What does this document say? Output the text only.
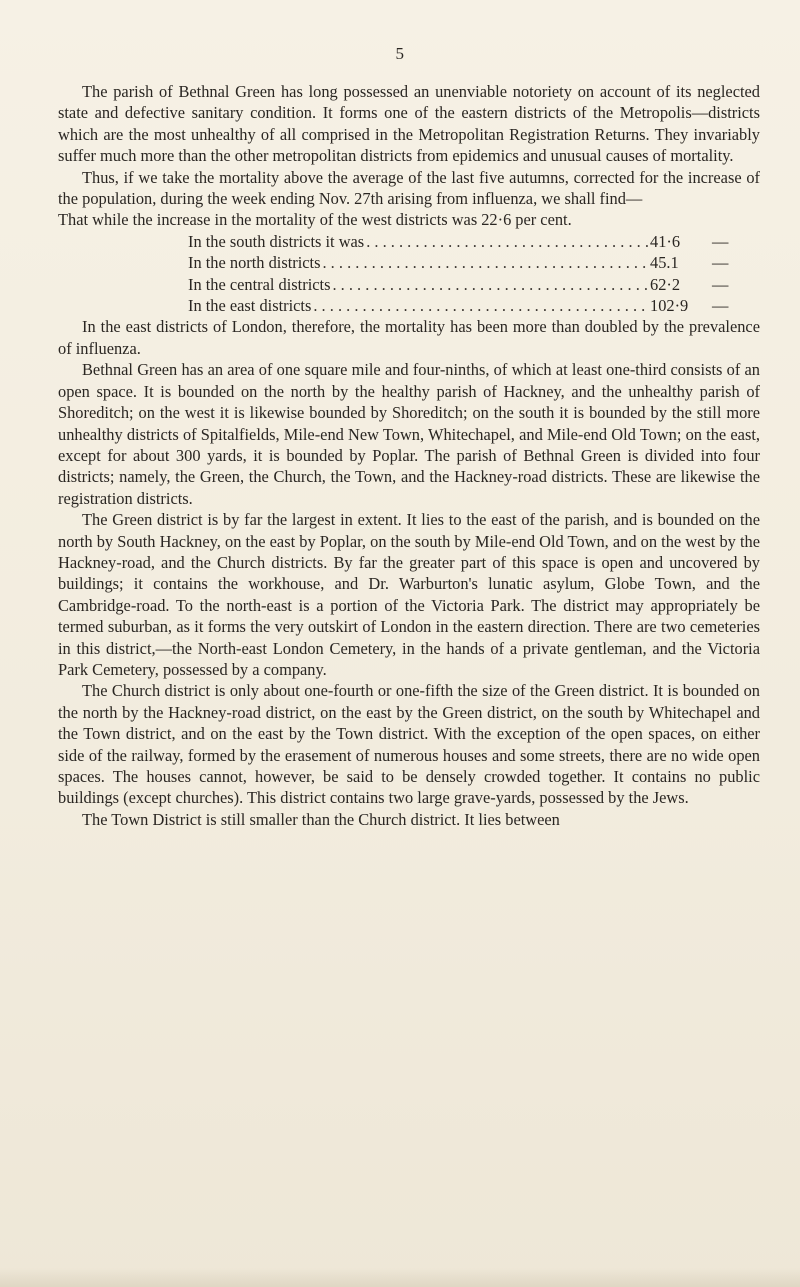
5

The parish of Bethnal Green has long possessed an unenviable notoriety on account of its neglected state and defective sanitary condition. It forms one of the eastern districts of the Metropolis—districts which are the most unhealthy of all comprised in the Metropolitan Registration Returns. They invariably suffer much more than the other metropolitan districts from epidemics and unusual causes of mortality.

Thus, if we take the mortality above the average of the last five autumns, corrected for the increase of the population, during the week ending Nov. 27th arising from influenza, we shall find—

That while the increase in the mortality of the west districts was 22·6 per cent.
In the south districts it was . . .	41·6	—
In the north districts . . .	45.1	—
In the central districts . . .	62·2	—
In the east districts . . .	102·9	—

In the east districts of London, therefore, the mortality has been more than doubled by the prevalence of influenza.

Bethnal Green has an area of one square mile and four-ninths, of which at least one-third consists of an open space. It is bounded on the north by the healthy parish of Hackney, and the unhealthy parish of Shoreditch; on the west it is likewise bounded by Shoreditch; on the south it is bounded by the still more unhealthy districts of Spitalfields, Mile-end New Town, Whitechapel, and Mile-end Old Town; on the east, except for about 300 yards, it is bounded by Poplar. The parish of Bethnal Green is divided into four districts; namely, the Green, the Church, the Town, and the Hackney-road districts. These are likewise the registration districts.

The Green district is by far the largest in extent. It lies to the east of the parish, and is bounded on the north by South Hackney, on the east by Poplar, on the south by Mile-end Old Town, and on the west by the Hackney-road, and the Church districts. By far the greater part of this space is open and uncovered by buildings; it contains the workhouse, and Dr. Warburton's lunatic asylum, Globe Town, and the Cambridge-road. To the north-east is a portion of the Victoria Park. The district may appropriately be termed suburban, as it forms the very outskirt of London in the eastern direction. There are two cemeteries in this district,—the North-east London Cemetery, in the hands of a private gentleman, and the Victoria Park Cemetery, possessed by a company.

The Church district is only about one-fourth or one-fifth the size of the Green district. It is bounded on the north by the Hackney-road district, on the east by the Green district, on the south by Whitechapel and the Town district, and on the east by the Town district. With the exception of the open spaces, on either side of the railway, formed by the erasement of numerous houses and some streets, there are no wide open spaces. The houses cannot, however, be said to be densely crowded together. It contains no public buildings (except churches). This district contains two large grave-yards, possessed by the Jews.

The Town District is still smaller than the Church district. It lies between
